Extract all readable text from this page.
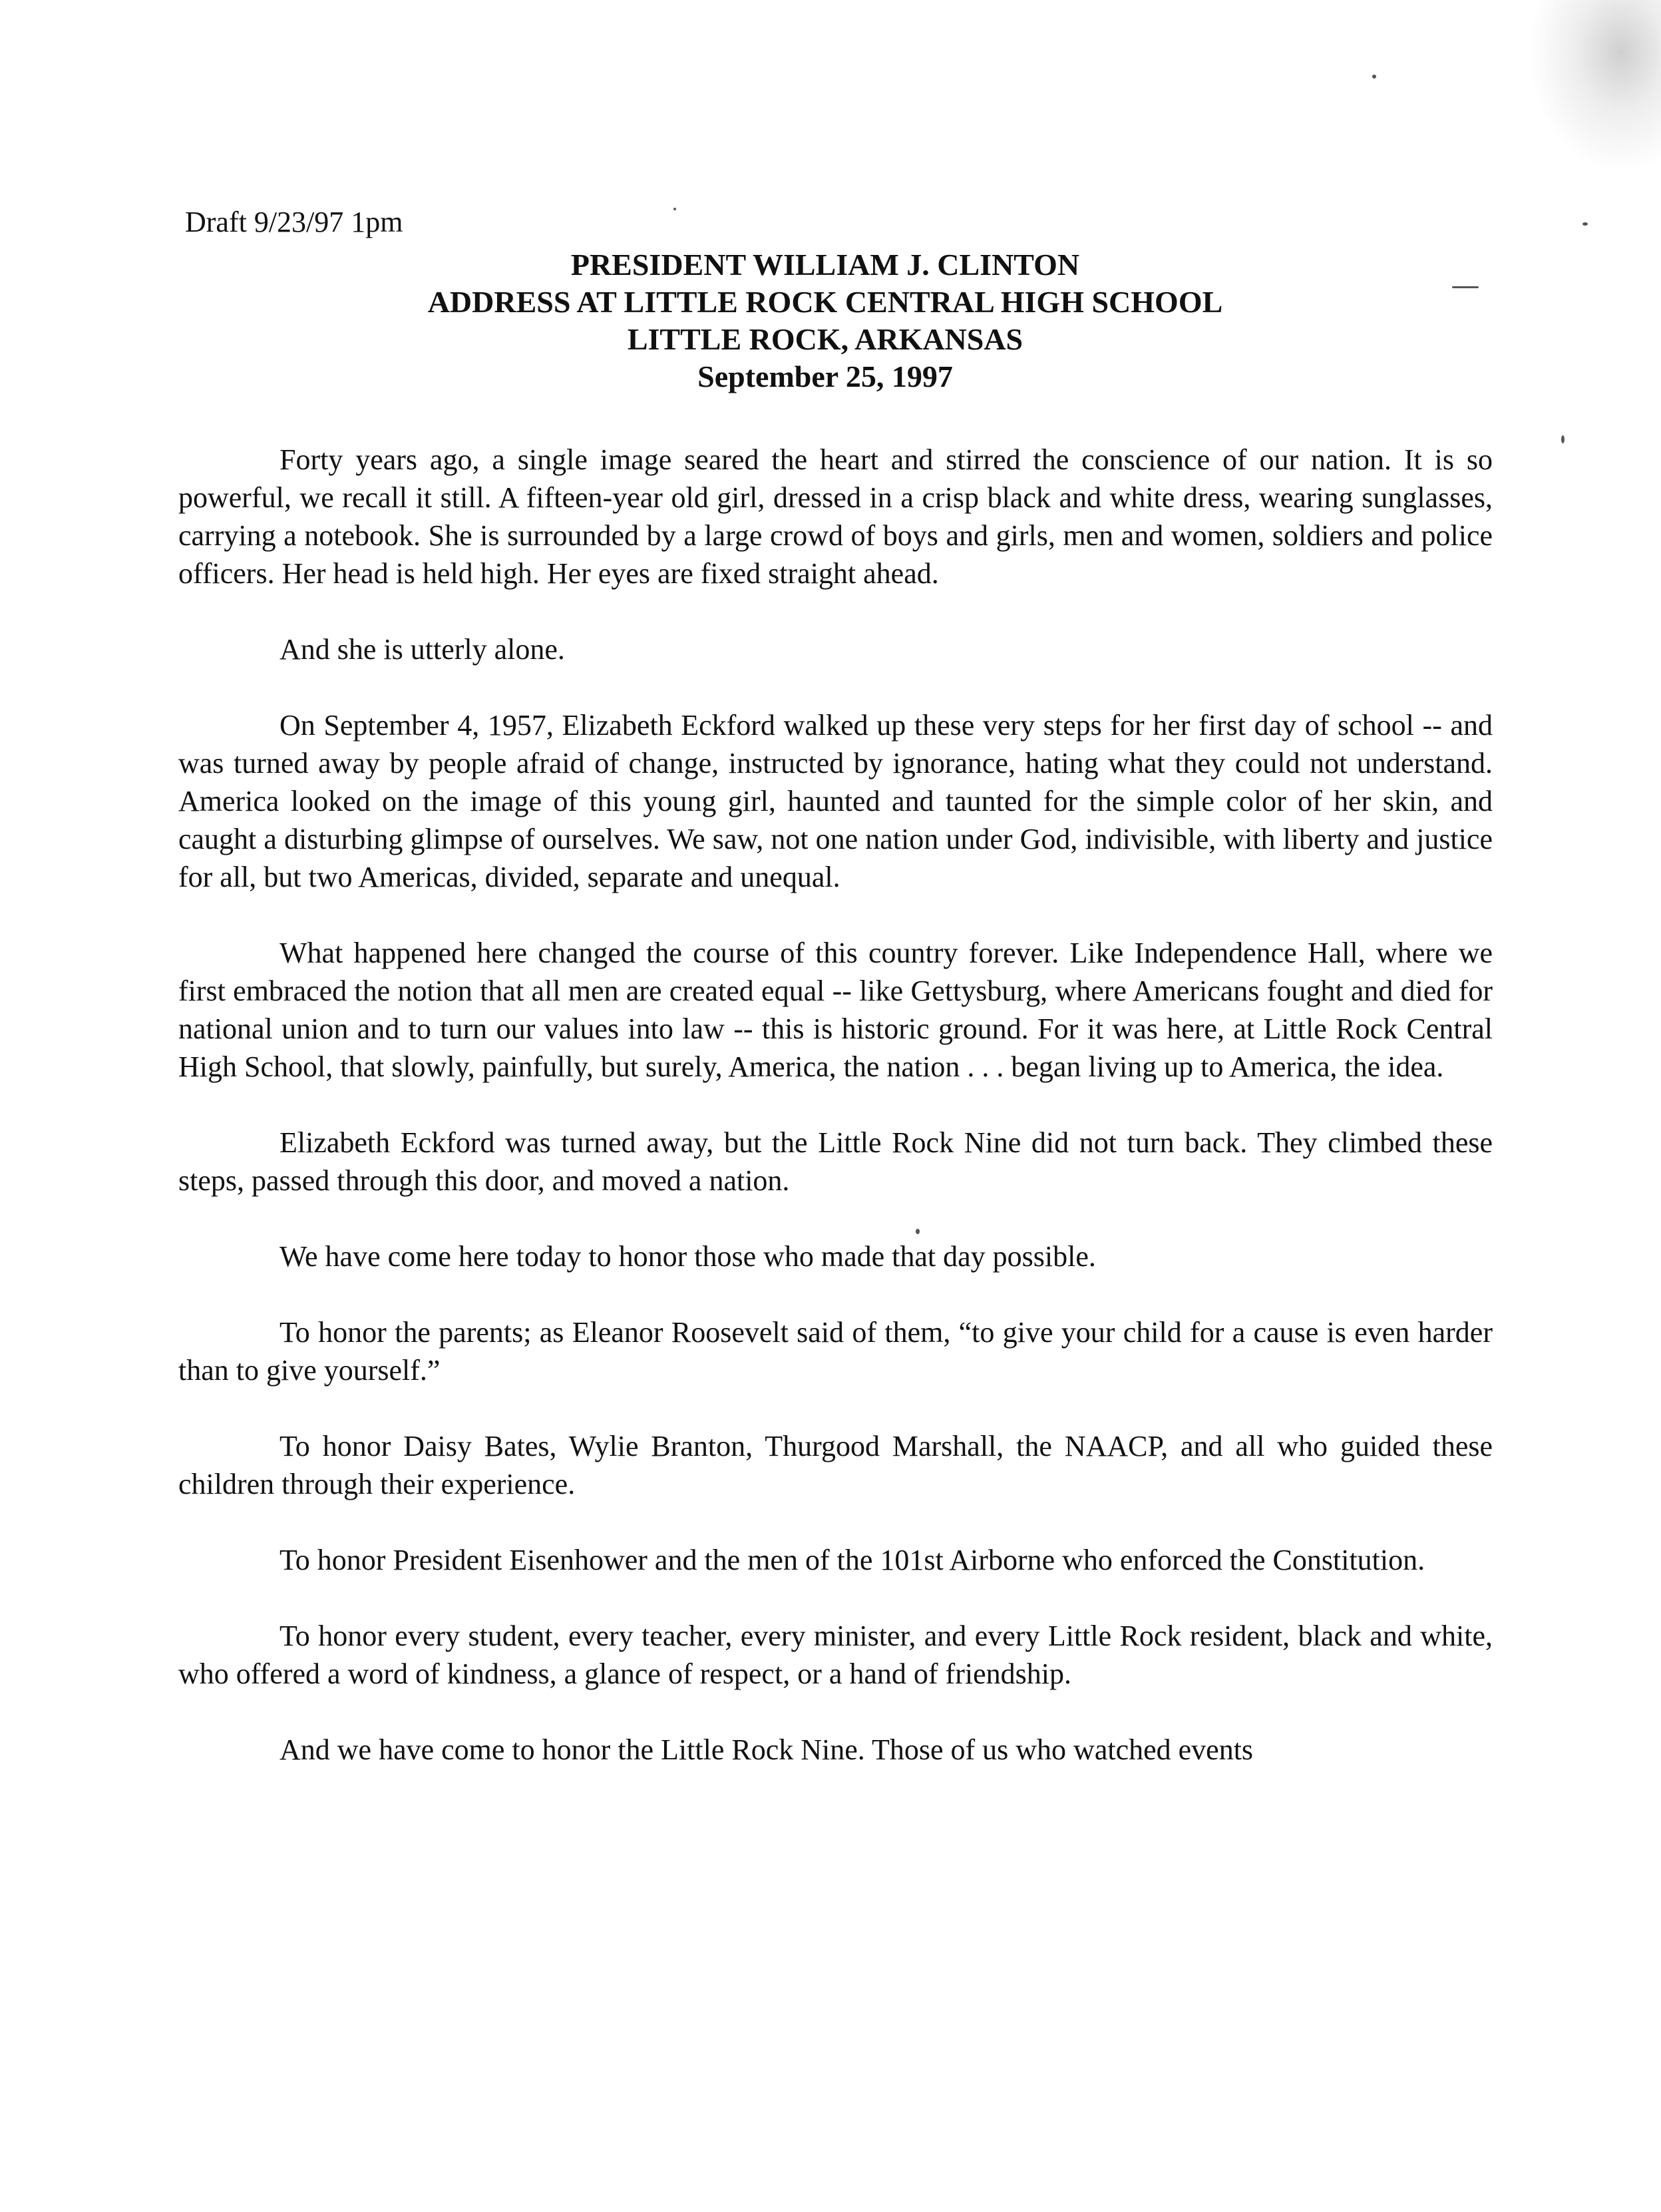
Draft 9/23/97 1pm
PRESIDENT WILLIAM J. CLINTON
ADDRESS AT LITTLE ROCK CENTRAL HIGH SCHOOL
LITTLE ROCK, ARKANSAS
September 25, 1997

Forty years ago, a single image seared the heart and stirred the conscience of our nation. It is so powerful, we recall it still. A fifteen-year old girl, dressed in a crisp black and white dress, wearing sunglasses, carrying a notebook. She is surrounded by a large crowd of boys and girls, men and women, soldiers and police officers. Her head is held high. Her eyes are fixed straight ahead.

And she is utterly alone.

On September 4, 1957, Elizabeth Eckford walked up these very steps for her first day of school -- and was turned away by people afraid of change, instructed by ignorance, hating what they could not understand. America looked on the image of this young girl, haunted and taunted for the simple color of her skin, and caught a disturbing glimpse of ourselves. We saw, not one nation under God, indivisible, with liberty and justice for all, but two Americas, divided, separate and unequal.

What happened here changed the course of this country forever. Like Independence Hall, where we first embraced the notion that all men are created equal -- like Gettysburg, where Americans fought and died for national union and to turn our values into law -- this is historic ground. For it was here, at Little Rock Central High School, that slowly, painfully, but surely, America, the nation . . . began living up to America, the idea.

Elizabeth Eckford was turned away, but the Little Rock Nine did not turn back. They climbed these steps, passed through this door, and moved a nation.

We have come here today to honor those who made that day possible.

To honor the parents; as Eleanor Roosevelt said of them, “to give your child for a cause is even harder than to give yourself.”

To honor Daisy Bates, Wylie Branton, Thurgood Marshall, the NAACP, and all who guided these children through their experience.

To honor President Eisenhower and the men of the 101st Airborne who enforced the Constitution.

To honor every student, every teacher, every minister, and every Little Rock resident, black and white, who offered a word of kindness, a glance of respect, or a hand of friendship.

And we have come to honor the Little Rock Nine. Those of us who watched events
